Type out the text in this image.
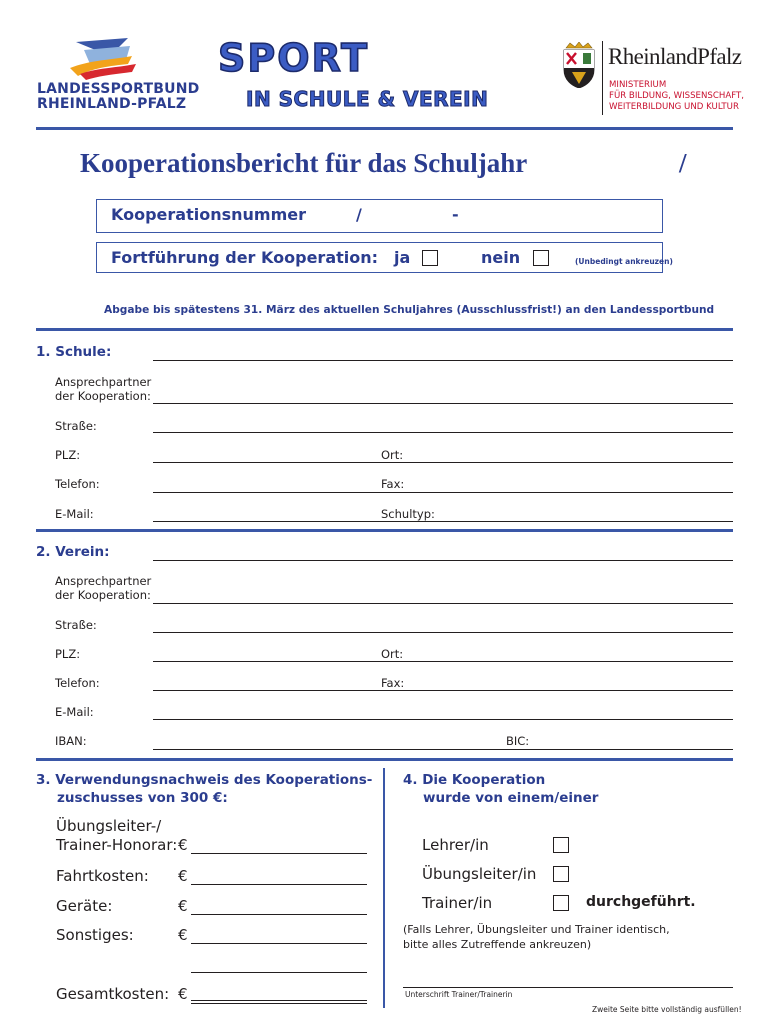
LANDESSPORTBUND
RHEINLAND-PFALZ
SPORT
IN SCHULE & VEREIN
RheinlandPfalz
MINISTERIUM
FÜR BILDUNG, WISSENSCHAFT,
WEITERBILDUNG UND KULTUR
Kooperationsbericht für das Schuljahr	/
Kooperationsnummer	/	-
Fortführung der Kooperation: ja	nein	(Unbedingt ankreuzen)
Abgabe bis spätestens 31. März des aktuellen Schuljahres (Ausschlussfrist!) an den Landessportbund
1. Schule:
Ansprechpartner
der Kooperation:
Straße:
PLZ:	Ort:
Telefon:	Fax:
E-Mail:	Schultyp:
2. Verein:
Ansprechpartner
der Kooperation:
Straße:
PLZ:	Ort:
Telefon:	Fax:
E-Mail:
IBAN:	BIC:
3. Verwendungsnachweis des Kooperations-
zuschusses von 300 €:
Übungsleiter-/
Trainer-Honorar: €
Fahrtkosten: €
Geräte:	€
Sonstiges:	€
Gesamtkosten: €
4. Die Kooperation
wurde von einem/einer
Lehrer/in
Übungsleiter/in
Trainer/in	durchgeführt.
(Falls Lehrer, Übungsleiter und Trainer identisch,
bitte alles Zutreffende ankreuzen)
Unterschrift Trainer/Trainerin
Zweite Seite bitte vollständig ausfüllen!
